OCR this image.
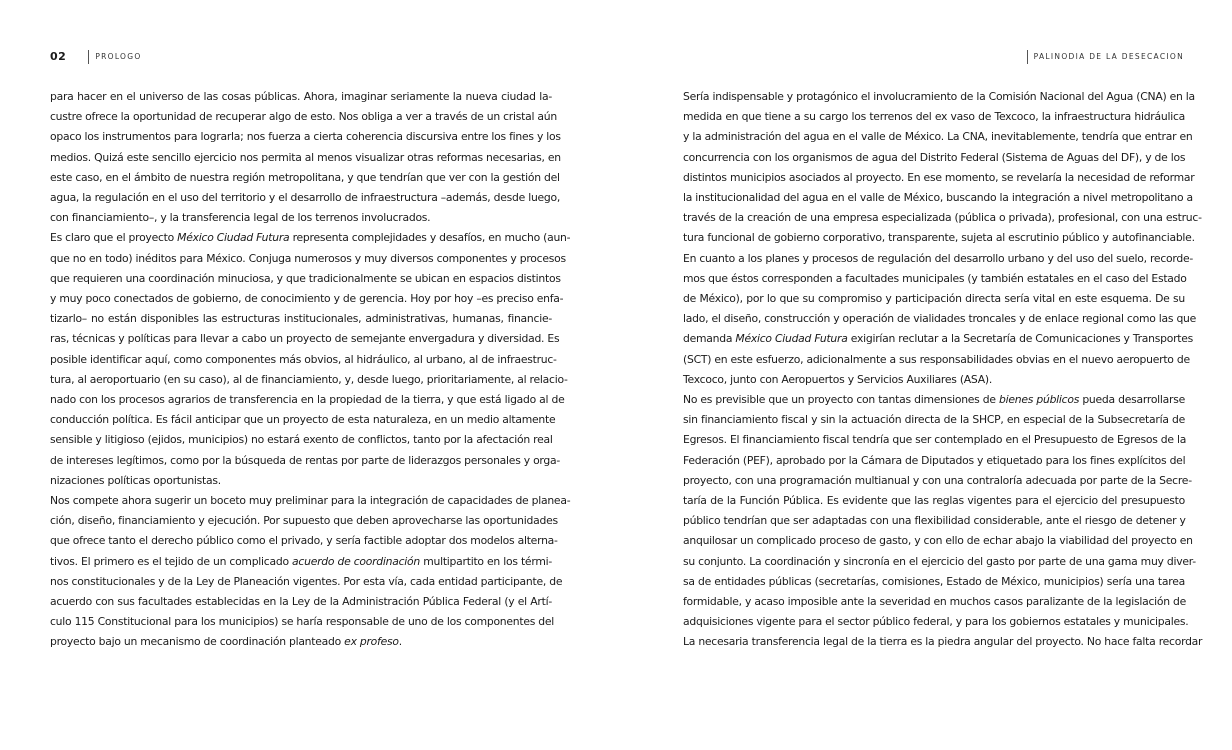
02	PROLOGO	PALINODIA DE LA DESECACION
para hacer en el universo de las cosas públicas. Ahora, imaginar seriamente la nueva ciudad la-
custre ofrece la oportunidad de recuperar algo de esto. Nos obliga a ver a través de un cristal aún
opaco los instrumentos para lograrla; nos fuerza a cierta coherencia discursiva entre los fines y los
medios. Quizá este sencillo ejercicio nos permita al menos visualizar otras reformas necesarias, en
este caso, en el ámbito de nuestra región metropolitana, y que tendrían que ver con la gestión del
agua, la regulación en el uso del territorio y el desarrollo de infraestructura –además, desde luego,
con financiamiento–, y la transferencia legal de los terrenos involucrados.
Es claro que el proyecto México Ciudad Futura representa complejidades y desafíos, en mucho (aun-
que no en todo) inéditos para México. Conjuga numerosos y muy diversos componentes y procesos
que requieren una coordinación minuciosa, y que tradicionalmente se ubican en espacios distintos
y muy poco conectados de gobierno, de conocimiento y de gerencia. Hoy por hoy –es preciso enfa-
tizarlo– no están disponibles las estructuras institucionales, administrativas, humanas, financie-
ras, técnicas y políticas para llevar a cabo un proyecto de semejante envergadura y diversidad. Es
posible identificar aquí, como componentes más obvios, al hidráulico, al urbano, al de infraestruc-
tura, al aeroportuario (en su caso), al de financiamiento, y, desde luego, prioritariamente, al relacio-
nado con los procesos agrarios de transferencia en la propiedad de la tierra, y que está ligado al de
conducción política. Es fácil anticipar que un proyecto de esta naturaleza, en un medio altamente
sensible y litigioso (ejidos, municipios) no estará exento de conflictos, tanto por la afectación real
de intereses legítimos, como por la búsqueda de rentas por parte de liderazgos personales y orga-
nizaciones políticas oportunistas.
Nos compete ahora sugerir un boceto muy preliminar para la integración de capacidades de planea-
ción, diseño, financiamiento y ejecución. Por supuesto que deben aprovecharse las oportunidades
que ofrece tanto el derecho público como el privado, y sería factible adoptar dos modelos alterna-
tivos. El primero es el tejido de un complicado acuerdo de coordinación multipartito en los térmi-
nos constitucionales y de la Ley de Planeación vigentes. Por esta vía, cada entidad participante, de
acuerdo con sus facultades establecidas en la Ley de la Administración Pública Federal (y el Artí-
culo 115 Constitucional para los municipios) se haría responsable de uno de los componentes del
proyecto bajo un mecanismo de coordinación planteado ex profeso.
Sería indispensable y protagónico el involucramiento de la Comisión Nacional del Agua (CNA) en la
medida en que tiene a su cargo los terrenos del ex vaso de Texcoco, la infraestructura hidráulica
y la administración del agua en el valle de México. La CNA, inevitablemente, tendría que entrar en
concurrencia con los organismos de agua del Distrito Federal (Sistema de Aguas del DF), y de los
distintos municipios asociados al proyecto. En ese momento, se revelaría la necesidad de reformar
la institucionalidad del agua en el valle de México, buscando la integración a nivel metropolitano a
través de la creación de una empresa especializada (pública o privada), profesional, con una estruc-
tura funcional de gobierno corporativo, transparente, sujeta al escrutinio público y autofinanciable.
En cuanto a los planes y procesos de regulación del desarrollo urbano y del uso del suelo, recorde-
mos que éstos corresponden a facultades municipales (y también estatales en el caso del Estado
de México), por lo que su compromiso y participación directa sería vital en este esquema. De su
lado, el diseño, construcción y operación de vialidades troncales y de enlace regional como las que
demanda México Ciudad Futura exigirían reclutar a la Secretaría de Comunicaciones y Transportes
(SCT) en este esfuerzo, adicionalmente a sus responsabilidades obvias en el nuevo aeropuerto de
Texcoco, junto con Aeropuertos y Servicios Auxiliares (ASA).
No es previsible que un proyecto con tantas dimensiones de bienes públicos pueda desarrollarse
sin financiamiento fiscal y sin la actuación directa de la SHCP, en especial de la Subsecretaría de
Egresos. El financiamiento fiscal tendría que ser contemplado en el Presupuesto de Egresos de la
Federación (PEF), aprobado por la Cámara de Diputados y etiquetado para los fines explícitos del
proyecto, con una programación multianual y con una contraloría adecuada por parte de la Secre-
taría de la Función Pública. Es evidente que las reglas vigentes para el ejercicio del presupuesto
público tendrían que ser adaptadas con una flexibilidad considerable, ante el riesgo de detener y
anquilosar un complicado proceso de gasto, y con ello de echar abajo la viabilidad del proyecto en
su conjunto. La coordinación y sincronía en el ejercicio del gasto por parte de una gama muy diver-
sa de entidades públicas (secretarías, comisiones, Estado de México, municipios) sería una tarea
formidable, y acaso imposible ante la severidad en muchos casos paralizante de la legislación de
adquisiciones vigente para el sector público federal, y para los gobiernos estatales y municipales.
La necesaria transferencia legal de la tierra es la piedra angular del proyecto. No hace falta recordar
